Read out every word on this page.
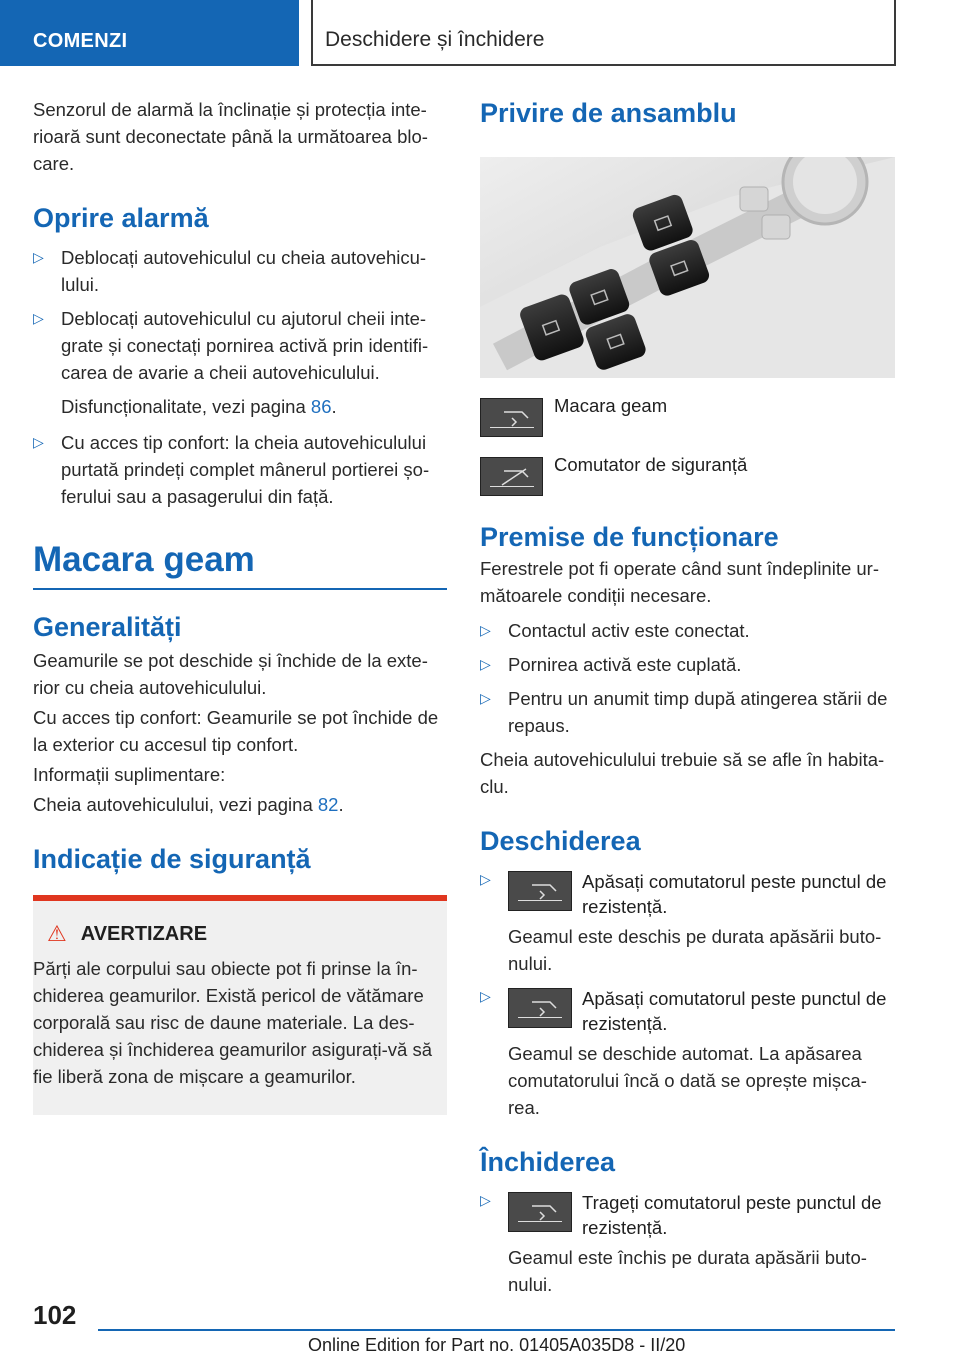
COMENZI	Deschidere și închidere
Senzorul de alarmă la înclinație și protecția inte-rioară sunt deconectate până la următoarea blo-care.
Oprire alarmă
▷ Deblocați autovehiculul cu cheia autovehicu-lului.
▷ Deblocați autovehiculul cu ajutorul cheii inte-grate și conectați pornirea activă prin identifi-carea de avarie a cheii autovehiculului.
Disfuncționalitate, vezi pagina 86.
▷ Cu acces tip confort: la cheia autovehiculului purtată prindeți complet mânerul portierei șo-ferului sau a pasagerului din față.
Macara geam
Generalități
Geamurile se pot deschide și închide de la exte-rior cu cheia autovehiculului.
Cu acces tip confort: Geamurile se pot închide de la exterior cu accesul tip confort.
Informații suplimentare:
Cheia autovehiculului, vezi pagina 82.
Indicație de siguranță
⚠ AVERTIZARE
Părți ale corpului sau obiecte pot fi prinse la în-chiderea geamurilor. Există pericol de vătămare corporală sau risc de daune materiale. La des-chiderea și închiderea geamurilor asigurați-vă să fie liberă zona de mișcare a geamurilor.
Privire de ansamblu
Macara geam
Comutator de siguranță
Premise de funcționare
Ferestrele pot fi operate când sunt îndeplinite ur-mătoarele condiții necesare.
▷ Contactul activ este conectat.
▷ Pornirea activă este cuplată.
▷ Pentru un anumit timp după atingerea stării de repaus.
Cheia autovehiculului trebuie să se afle în habita-clu.
Deschiderea
▷	Apăsați comutatorul peste punctul de rezistență.
Geamul este deschis pe durata apăsării buto-nului.
▷	Apăsați comutatorul peste punctul de rezistență.
Geamul se deschide automat. La apăsarea comutatorului încă o dată se oprește mișca-rea.
Închiderea
▷	Trageți comutatorul peste punctul de rezistență.
Geamul este închis pe durata apăsării buto-nului.
102
Online Edition for Part no. 01405A035D8 - II/20
